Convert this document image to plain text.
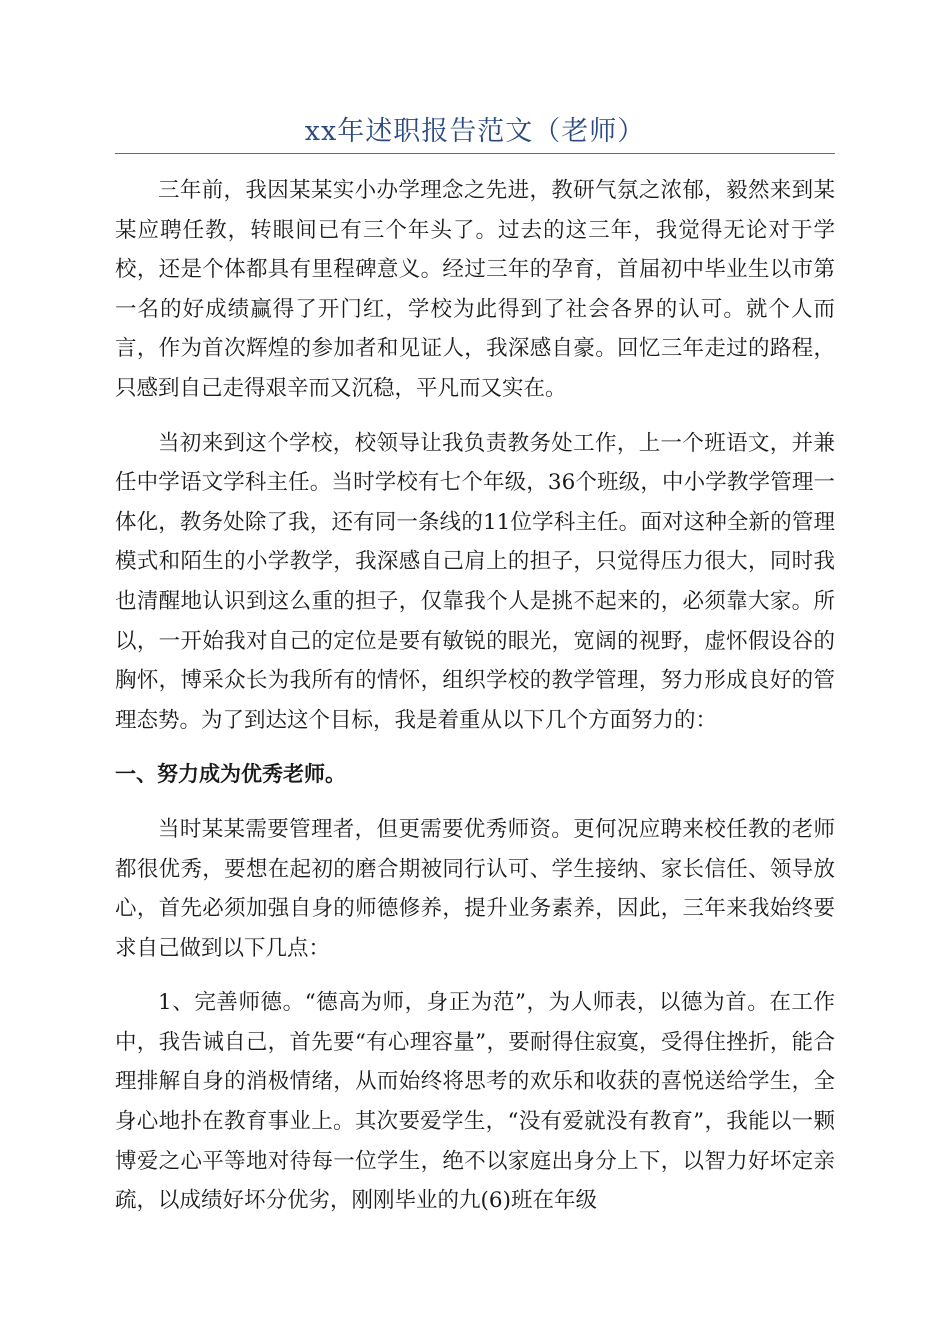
xx年述职报告范文（老师）

三年前，我因某某实小办学理念之先进，教研气氛之浓郁，毅然来到某某应聘任教，转眼间已有三个年头了。过去的这三年，我觉得无论对于学校，还是个体都具有里程碑意义。经过三年的孕育，首届初中毕业生以市第一名的好成绩赢得了开门红，学校为此得到了社会各界的认可。就个人而言，作为首次辉煌的参加者和见证人，我深感自豪。回忆三年走过的路程，只感到自己走得艰辛而又沉稳，平凡而又实在。

当初来到这个学校，校领导让我负责教务处工作，上一个班语文，并兼任中学语文学科主任。当时学校有七个年级，36个班级，中小学教学管理一体化，教务处除了我，还有同一条线的11位学科主任。面对这种全新的管理模式和陌生的小学教学，我深感自己肩上的担子，只觉得压力很大，同时我也清醒地认识到这么重的担子，仅靠我个人是挑不起来的，必须靠大家。所以，一开始我对自己的定位是要有敏锐的眼光，宽阔的视野，虚怀假设谷的胸怀，博采众长为我所有的情怀，组织学校的教学管理，努力形成良好的管理态势。为了到达这个目标，我是着重从以下几个方面努力的：

一、努力成为优秀老师。

当时某某需要管理者，但更需要优秀师资。更何况应聘来校任教的老师都很优秀，要想在起初的磨合期被同行认可、学生接纳、家长信任、领导放心，首先必须加强自身的师德修养，提升业务素养，因此，三年来我始终要求自己做到以下几点：

1、完善师德。“德高为师，身正为范”，为人师表，以德为首。在工作中，我告诫自己，首先要“有心理容量”，要耐得住寂寞，受得住挫折，能合理排解自身的消极情绪，从而始终将思考的欢乐和收获的喜悦送给学生，全身心地扑在教育事业上。其次要爱学生，“没有爱就没有教育”，我能以一颗博爱之心平等地对待每一位学生，绝不以家庭出身分上下，以智力好坏定亲疏，以成绩好坏分优劣，刚刚毕业的九(6)班在年级
